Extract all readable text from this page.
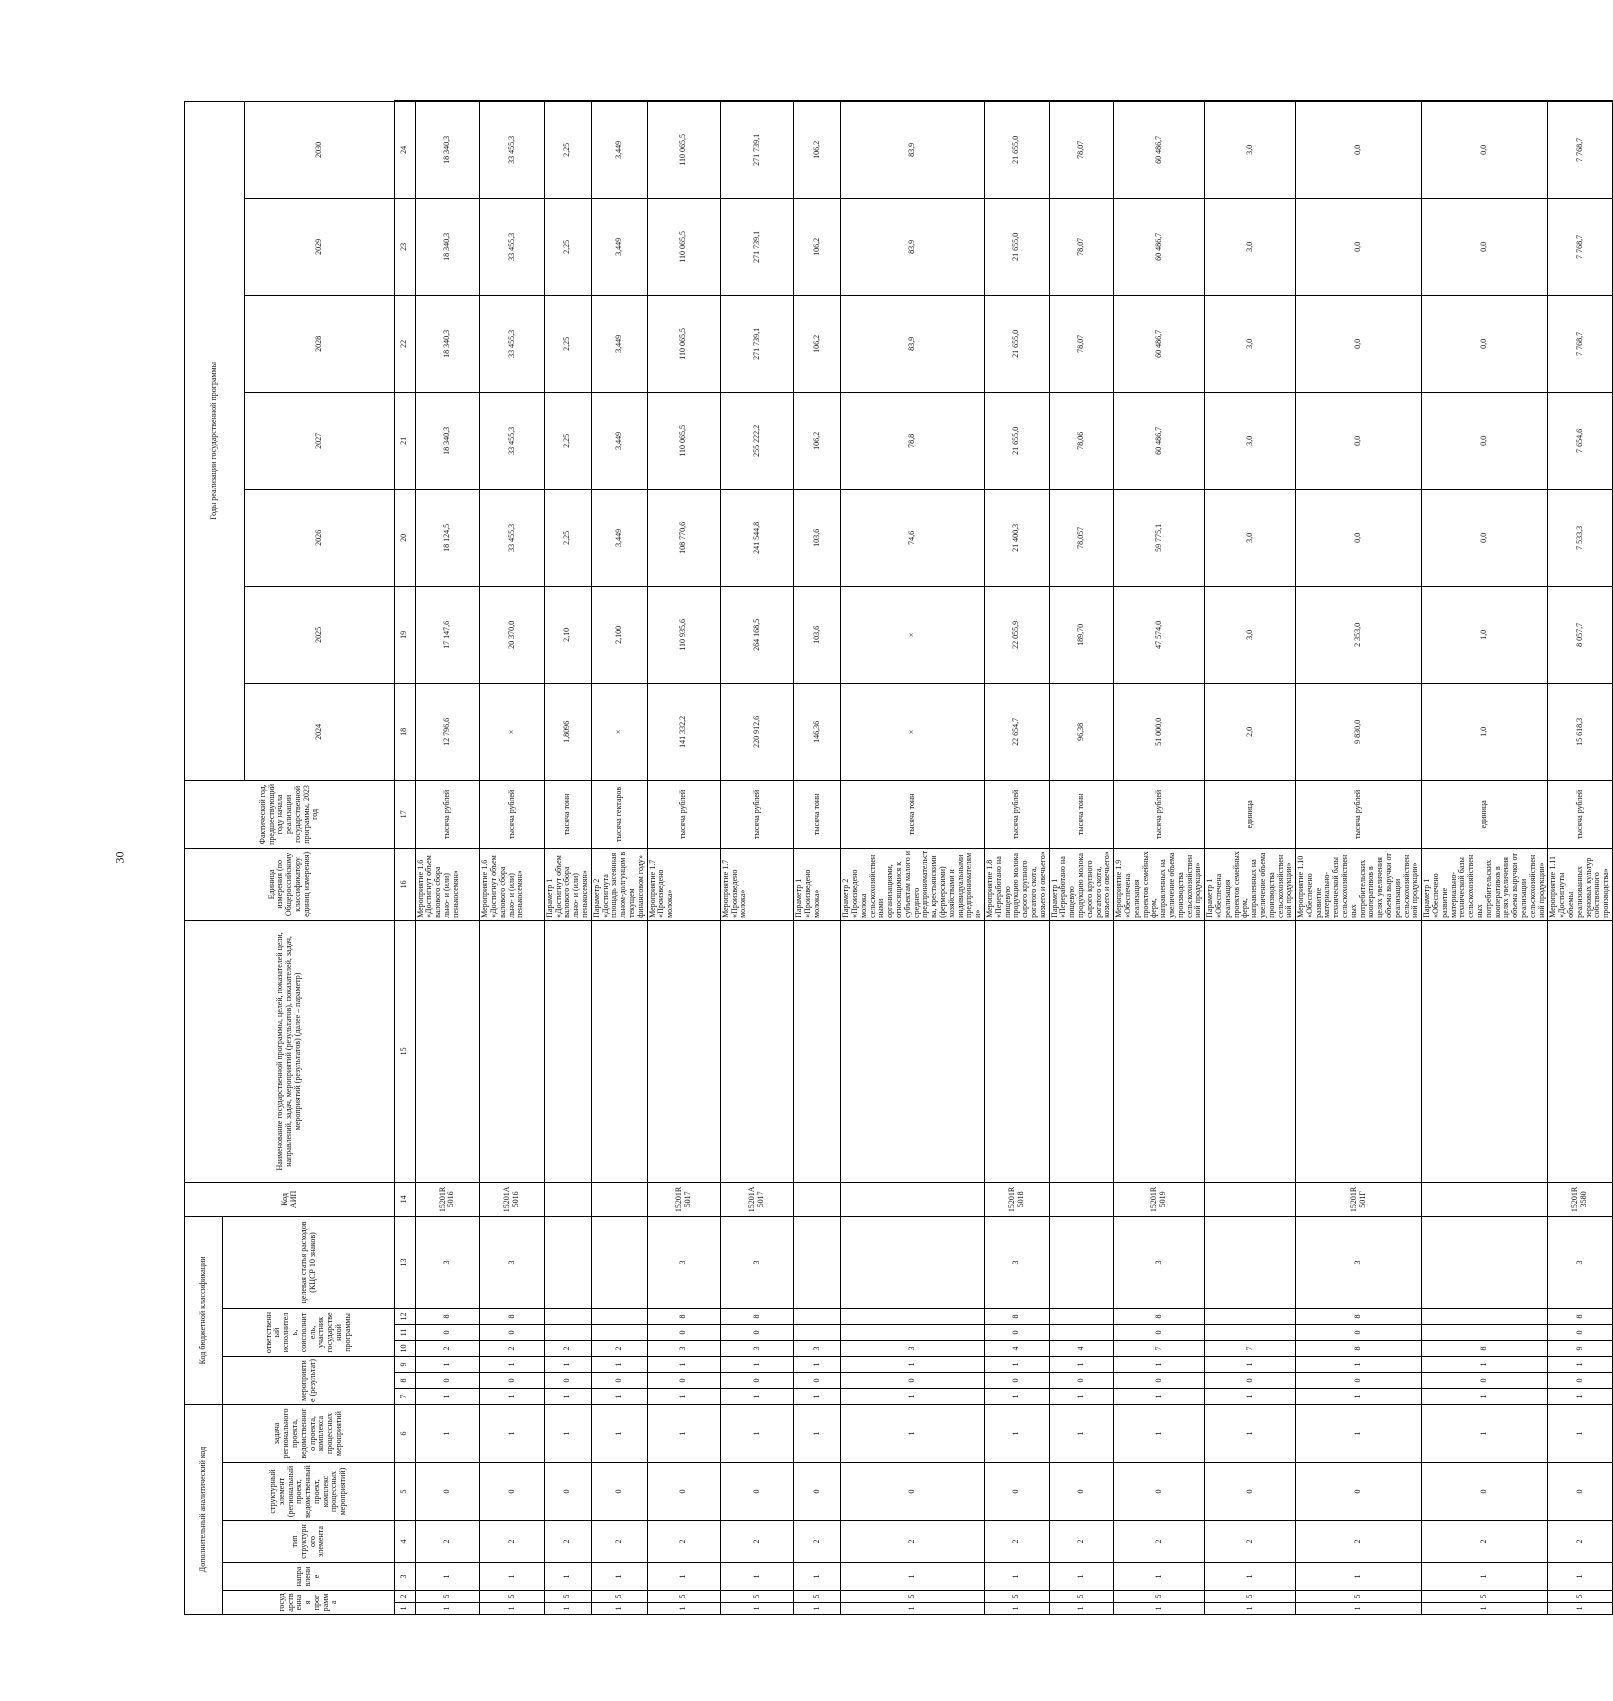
30
Дополнительный аналитический код						Код бюджетной классификации							Код АИП	Наименование государственной программы, целей, показателей цели, направлений, задач, мероприятий (результатов), показателей, задач, мероприятий (результатов) (далее – параметр)	Единица измерения (по Общероссийскому классификатору единиц измерения)	Фактический год, предшествующий году начала реализации государственной программы, 2023 год	Годы реализации государственной программы							
государственная программа		направление	тип структурного элемента	структурный элемент (региональный проект, ведомственный проект, комплекс процессных мероприятий)	задача регионального проекта, ведомственного проекта, комплекса процессных мероприятий	мероприятие (результат)			ответственный исполнитель, соисполнитель, участник государственной программы			целевая статья расходов (КЦСР 10 знаков)												
																	2024	2025	2026	2027	2028	2029	2030	
1	2	3	4	5	6	7	8	9	10	11	12	13	14	15	16	17	18	19	20	21	22	23	24	
1	5	1	2	0	1	1	0	1	2	0	8	3	15201R5016		Мероприятие 1.6 «Достигнут объем валового сбора льно- и (или) пенькосемян»	тысяча рублей	12 796,6	17 147,6	18 124,5	18 340,3	18 340,3	18 340,3	18 340,3	
1	5	1	2	0	1	1	0	1	2	0	8	3	15201А5016		Мероприятие 1.6 «Достигнут объем валового сбора льно- и (или) пенькосемян»	тысяча рублей	×	20 370,0	33 455,3	33 455,3	33 455,3	33 455,3	33 455,3	
1	5	1	2	0	1	1	0	1	2						Параметр 1 «Достигнут объем валового сбора льно- и (или) пенькосемян»	тысяча тонн	1,8096	2,10	2,25	2,25	2,25	2,25	2,25	
1	5	1	2	0	1	1	0	1	2						Параметр 2 «Достигнута площадь засеянная льном-долгунцом в текущем финансовом году»	тысяча гектаров	×	2,100	3,449	3,449	3,449	3,449	3,449	
1	5	1	2	0	1	1	0	1	3	0	8	3	15201R5017		Мероприятие 1.7 «Произведено молока»	тысяча рублей	141 332,2	110 935,6	108 770,6	110 065,5	110 065,5	110 065,5	110 065,5	
1	5	1	2	0	1	1	0	1	3	0	8	3	15201А5017		Мероприятие 1.7 «Произведено молока»	тысяча рублей	220 912,6	264 168,5	241 544,8	255 222,2	271 739,1	271 739,1	271 739,1	
1	5	1	2	0	1	1	0	1	3						Параметр 1 «Произведено молока»	тысяча тонн	146,36	103,6	103,6	106,2	106,2	106,2	106,2	
1	5	1	2	0	1	1	0	1	3						Параметр 2 «Произведено молока сельскохозяйственными организациями, относящимися к субъектам малого и среднего предпринимательства, крестьянскими (фермерскими) хозяйствами и индивидуальными предпринимателями»	тысяча тонн	×	×	74,6	78,8	83,9	83,9	83,9	
1	5	1	2	0	1	1	0	1	4	0	8	3	15201R5018		Мероприятие 1.8 «Переработано на пищевую продукцию молока сырого крупного рогатого скота, козьего и овечьего»	тысяча рублей	22 654,7	22 055,9	21 400,3	21 655,0	21 655,0	21 655,0	21 655,0	
1	5	1	2	0	1	1	0	1	4						Параметр 1 «Переработано на пищевую продукцию молока сырого крупного рогатого скота, козьего и овечьего»	тысяча тонн	96,38	189,70	78,057	78,06	78,07	78,07	78,07	
1	5	1	2	0	1	1	0	1	7	0	8	3	15201R5019		Мероприятие 1.9 «Обеспечена реализация проектов семейных ферм, направленных на увеличение объема производства сельскохозяйственной продукции»	тысяча рублей	51 000,0	47 574,0	59 775,1	60 486,7	60 486,7	60 486,7	60 486,7	
1	5	1	2	0	1	1	0	1	7						Параметр 1 «Обеспечена реализация проектов семейных ферм, направленных на увеличение объема производства сельскохозяйственной продукции»	единица	2,0	3,0	3,0	3,0	3,0	3,0	3,0	
1	5	1	2	0	1	1	0	1	8	0	8	3	15201R501Г		Мероприятие 1.10 «Обеспечено развитие материально-технической базы сельскохозяйственных потребительских кооперативов в целях увеличения объема выручки от реализации сельскохозяйственной продукции»	тысяча рублей	9 830,0	2 353,0	0,0	0,0	0,0	0,0	0,0	
1	5	1	2	0	1	1	0	1	8						Параметр 1 «Обеспечено развитие материально-технической базы сельскохозяйственных потребительских кооперативов в целях увеличения объема выручки от реализации сельскохозяйственной продукции»	единица	1,0	1,0	0,0	0,0	0,0	0,0	0,0	
1	5	1	2	0	1	1	0	1	9	0	8	3	15201R3580		Мероприятие 1.11 «Достигнуты объемы реализованных зерновых культур собственного производства»	тысяча рублей	15 618,3	8 057,7	7 533,3	7 654,6	7 768,7	7 768,7	7 768,7	
